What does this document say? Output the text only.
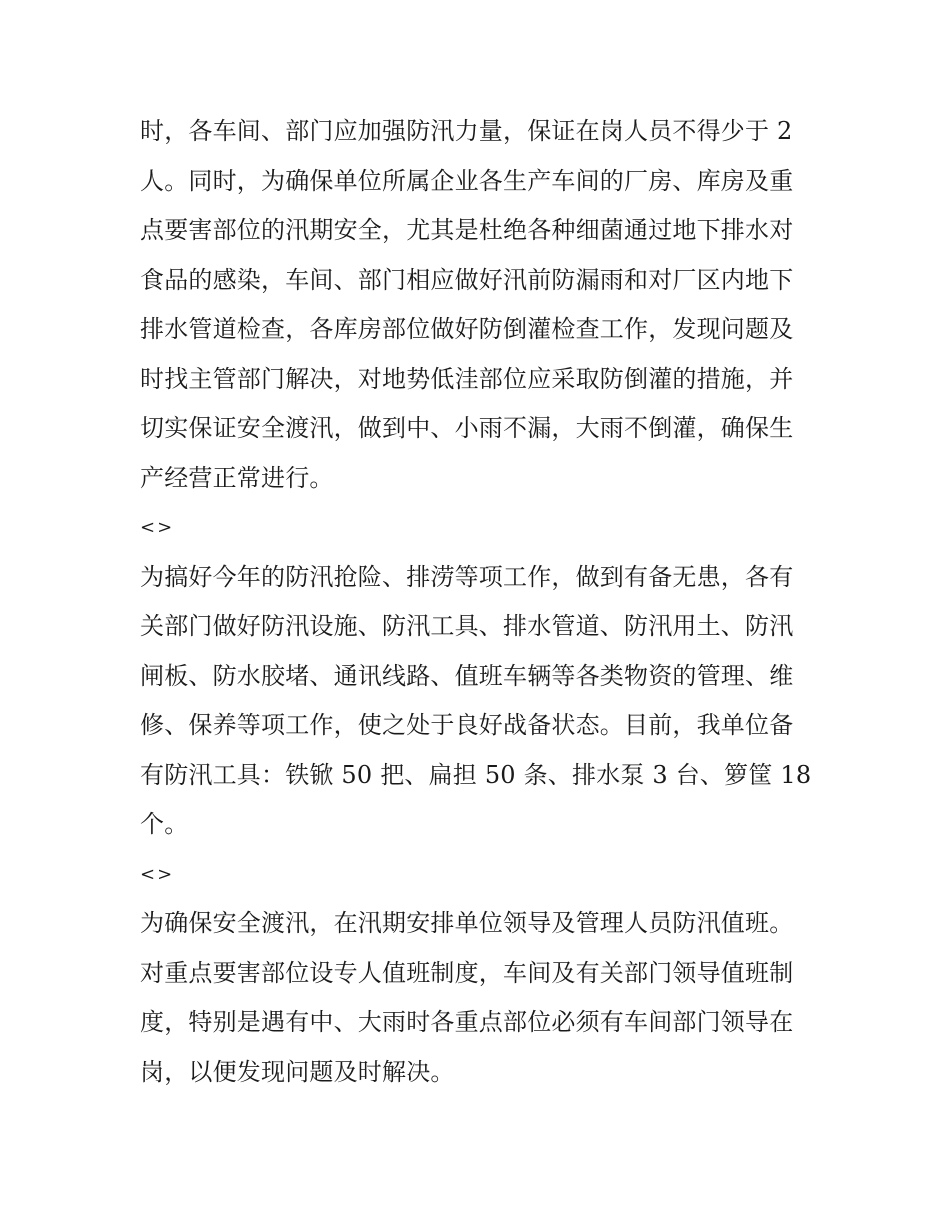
时，各车间、部门应加强防汛力量，保证在岗人员不得少于 2
人。同时，为确保单位所属企业各生产车间的厂房、库房及重
点要害部位的汛期安全，尤其是杜绝各种细菌通过地下排水对
食品的感染，车间、部门相应做好汛前防漏雨和对厂区内地下
排水管道检查，各库房部位做好防倒灌检查工作，发现问题及
时找主管部门解决，对地势低洼部位应采取防倒灌的措施，并
切实保证安全渡汛，做到中、小雨不漏，大雨不倒灌，确保生
产经营正常进行。
<>
为搞好今年的防汛抢险、排涝等项工作，做到有备无患，各有
关部门做好防汛设施、防汛工具、排水管道、防汛用土、防汛
闸板、防水胶堵、通讯线路、值班车辆等各类物资的管理、维
修、保养等项工作，使之处于良好战备状态。目前，我单位备
有防汛工具：铁锨 50 把、扁担 50 条、排水泵 3 台、箩筐 18
个。
<>
为确保安全渡汛，在汛期安排单位领导及管理人员防汛值班。
对重点要害部位设专人值班制度，车间及有关部门领导值班制
度，特别是遇有中、大雨时各重点部位必须有车间部门领导在
岗，以便发现问题及时解决。
